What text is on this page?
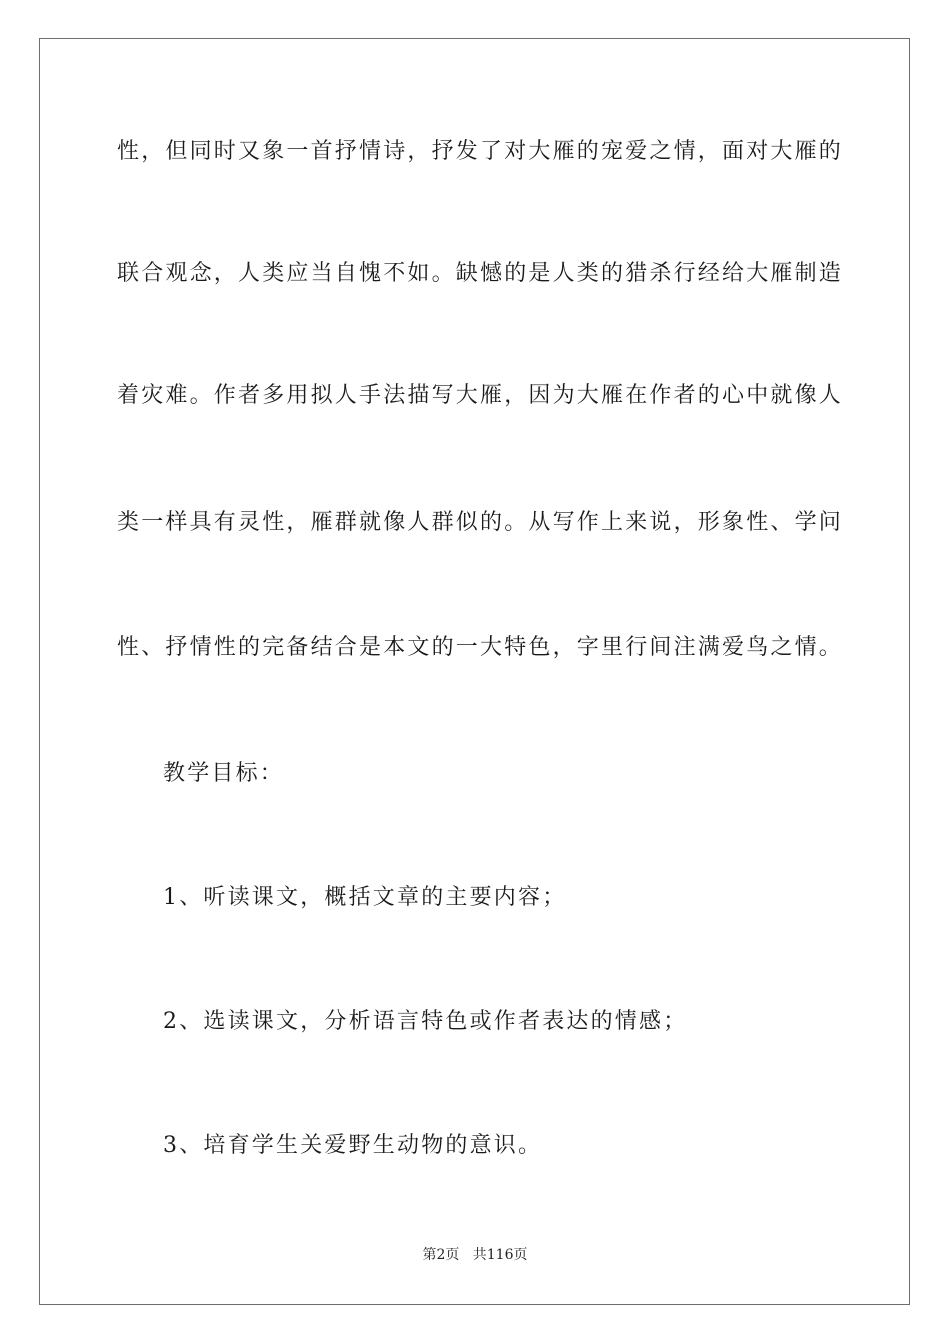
性，但同时又象一首抒情诗，抒发了对大雁的宠爱之情，面对大雁的
联合观念，人类应当自愧不如。缺憾的是人类的猎杀行经给大雁制造
着灾难。作者多用拟人手法描写大雁，因为大雁在作者的心中就像人
类一样具有灵性，雁群就像人群似的。从写作上来说，形象性、学问
性、抒情性的完备结合是本文的一大特色，字里行间注满爱鸟之情。
教学目标：
1、听读课文，概括文章的主要内容；
2、选读课文，分析语言特色或作者表达的情感；
3、培育学生关爱野生动物的意识。
第2页 共116页
